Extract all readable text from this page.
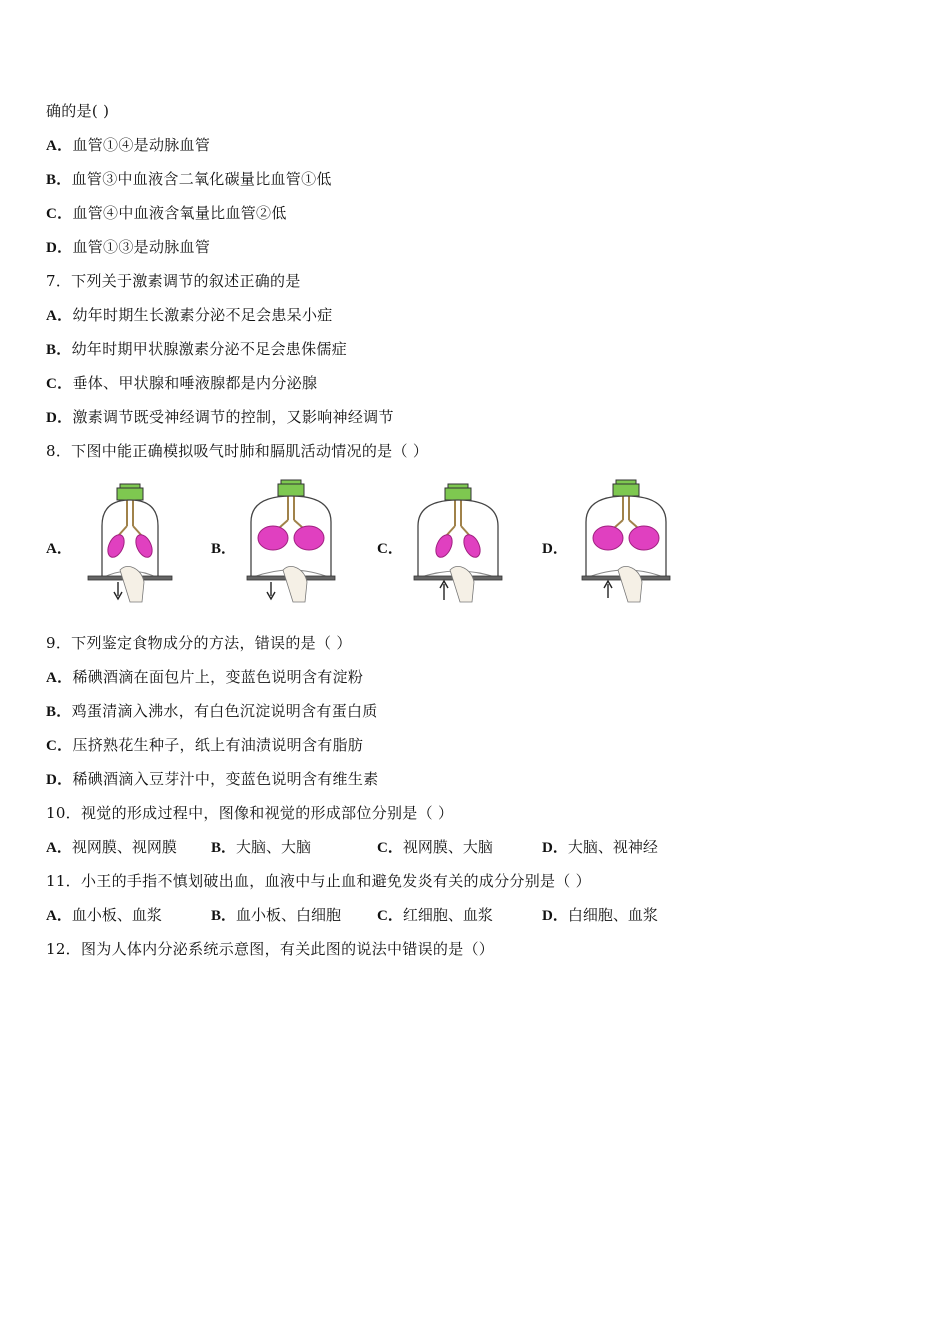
确的是( )
A．血管①④是动脉血管
B．血管③中血液含二氧化碳量比血管①低
C．血管④中血液含氧量比血管②低
D．血管①③是动脉血管
7．下列关于激素调节的叙述正确的是
A．幼年时期生长激素分泌不足会患呆小症
B．幼年时期甲状腺激素分泌不足会患侏儒症
C．垂体、甲状腺和唾液腺都是内分泌腺
D．激素调节既受神经调节的控制，又影响神经调节
8．下图中能正确模拟吸气时肺和膈肌活动情况的是（ ）
A．	B．	C．	D．
9．下列鉴定食物成分的方法，错误的是（ ）
A．稀碘酒滴在面包片上，变蓝色说明含有淀粉
B．鸡蛋清滴入沸水，有白色沉淀说明含有蛋白质
C．压挤熟花生种子，纸上有油渍说明含有脂肪
D．稀碘酒滴入豆芽汁中，变蓝色说明含有维生素
10．视觉的形成过程中，图像和视觉的形成部位分别是（ ）
A．视网膜、视网膜 B．大脑、大脑	C．视网膜、大脑	D．大脑、视神经
11．小王的手指不慎划破出血，血液中与止血和避免发炎有关的成分分别是（ ）
A．血小板、血浆	B．血小板、白细胞 C．红细胞、血浆	D．白细胞、血浆
12．图为人体内分泌系统示意图，有关此图的说法中错误的是（）
